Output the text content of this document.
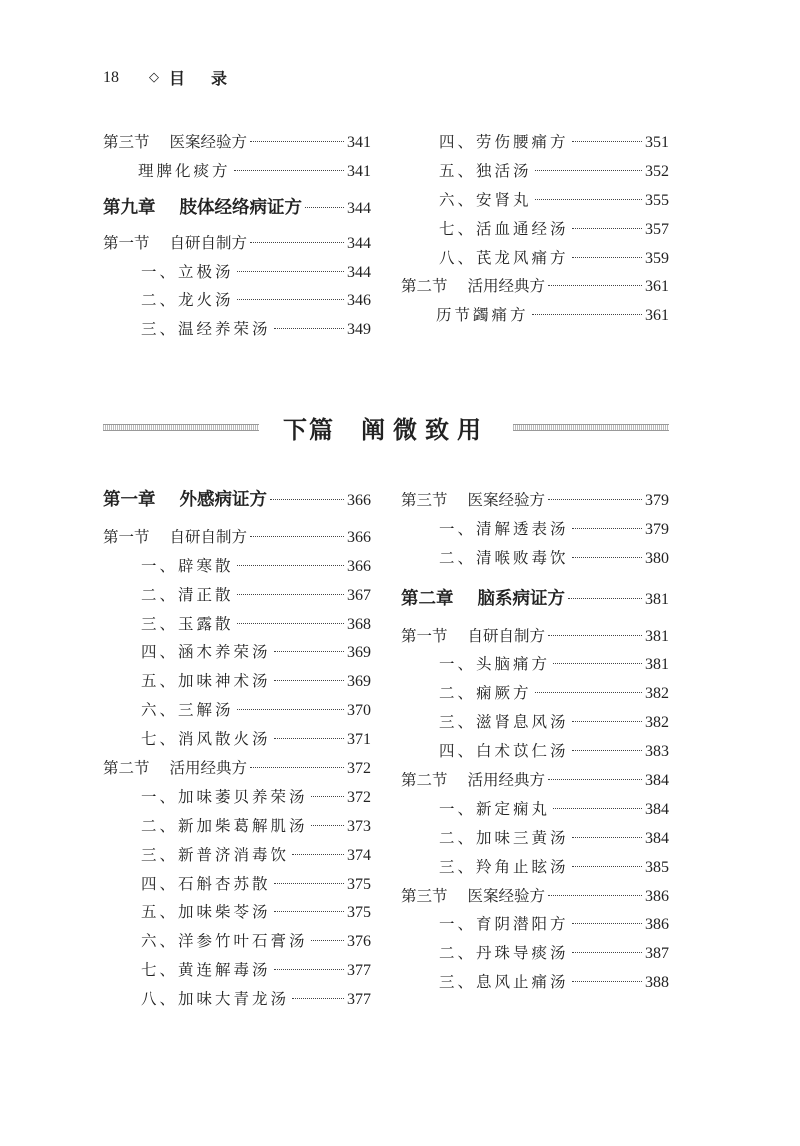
18 ◇ 目录
第三节 医案经验方	341
理脾化痰方	341
第九章 肢体经络病证方	344
第一节 自研自制方	344
一、立极汤	344
二、龙火汤	346
三、温经养荣汤	349
四、劳伤腰痛方	351
五、独活汤	352
六、安肾丸	355
七、活血通经汤	357
八、芪龙风痛方	359
第二节 活用经典方	361
历节蠲痛方	361
下篇 阐微致用
第一章 外感病证方	366
第一节 自研自制方	366
一、辟寒散	366
二、清正散	367
三、玉露散	368
四、涵木养荣汤	369
五、加味神术汤	369
六、三解汤	370
七、消风散火汤	371
第二节 活用经典方	372
一、加味萎贝养荣汤 372
二、新加柴葛解肌汤 373
三、新普济消毒饮	374
四、石斛杏苏散	375
五、加味柴苓汤	375
六、洋参竹叶石膏汤 376
七、黄连解毒汤	377
八、加味大青龙汤	377
第三节 医案经验方	379
一、清解透表汤	379
二、清喉败毒饮	380
第二章 脑系病证方	381
第一节 自研自制方	381
一、头脑痛方	381
二、痫厥方	382
三、滋肾息风汤	382
四、白术苡仁汤	383
第二节 活用经典方	384
一、新定痫丸	384
二、加味三黄汤	384
三、羚角止眩汤	385
第三节 医案经验方	386
一、育阴潜阳方	386
二、丹珠导痰汤	387
三、息风止痛汤	388
